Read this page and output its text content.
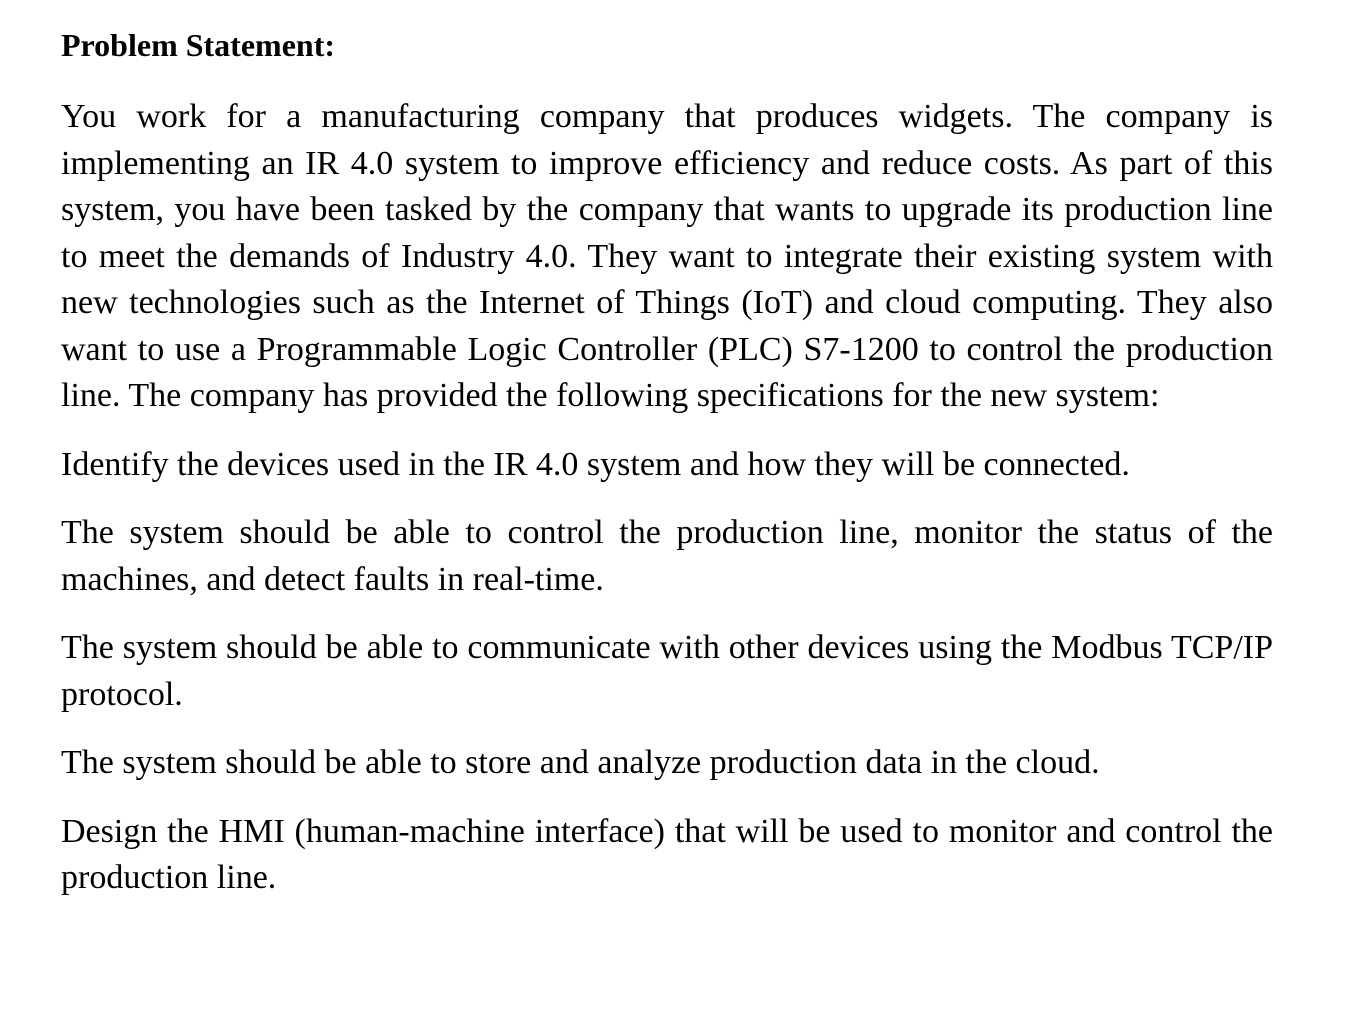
Problem Statement:

You work for a manufacturing company that produces widgets. The company is implementing an IR 4.0 system to improve efficiency and reduce costs. As part of this system, you have been tasked by the company that wants to upgrade its production line to meet the demands of Industry 4.0. They want to integrate their existing system with new technologies such as the Internet of Things (IoT) and cloud computing. They also want to use a Programmable Logic Controller (PLC) S7-1200 to control the production line. The company has provided the following specifications for the new system:

Identify the devices used in the IR 4.0 system and how they will be connected.

The system should be able to control the production line, monitor the status of the machines, and detect faults in real-time.

The system should be able to communicate with other devices using the Modbus TCP/IP protocol.

The system should be able to store and analyze production data in the cloud.

Design the HMI (human-machine interface) that will be used to monitor and control the production line.
